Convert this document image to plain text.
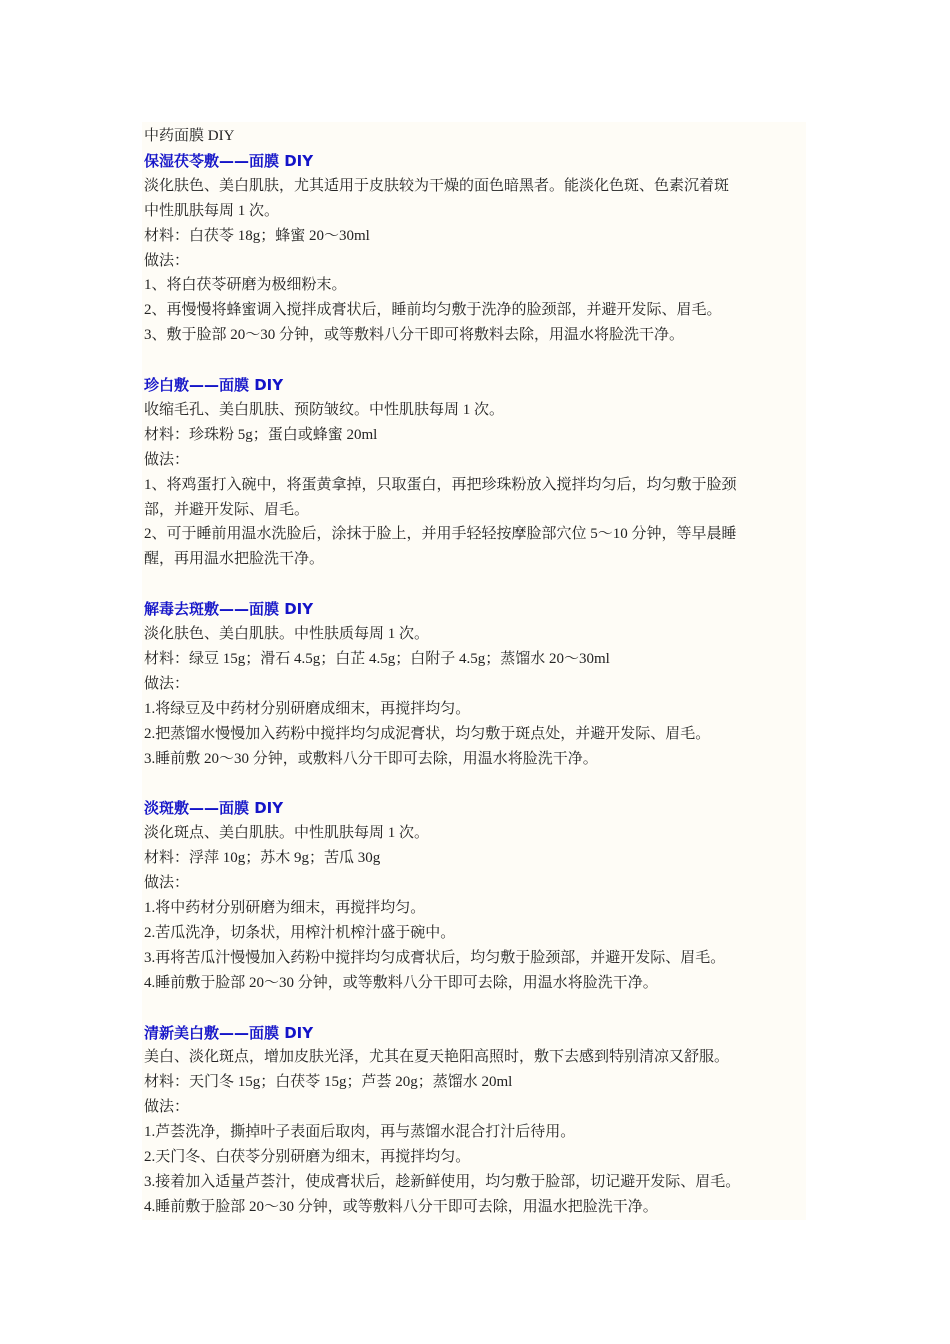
中药面膜 DIY
保湿茯苓敷——面膜 DIY
淡化肤色、美白肌肤，尤其适用于皮肤较为干燥的面色暗黑者。能淡化色斑、色素沉着斑
中性肌肤每周 1 次。
材料：白茯苓 18g；蜂蜜 20～30ml
做法：
1、将白茯苓研磨为极细粉末。
2、再慢慢将蜂蜜调入搅拌成膏状后，睡前均匀敷于洗净的脸颈部，并避开发际、眉毛。
3、敷于脸部 20～30 分钟，或等敷料八分干即可将敷料去除，用温水将脸洗干净。
珍白敷——面膜 DIY
收缩毛孔、美白肌肤、预防皱纹。中性肌肤每周 1 次。
材料：珍珠粉 5g；蛋白或蜂蜜 20ml
做法：
1、将鸡蛋打入碗中，将蛋黄拿掉，只取蛋白，再把珍珠粉放入搅拌均匀后，均匀敷于脸颈
部，并避开发际、眉毛。
2、可于睡前用温水洗脸后，涂抹于脸上，并用手轻轻按摩脸部穴位 5～10 分钟，等早晨睡
醒，再用温水把脸洗干净。
解毒去斑敷——面膜 DIY
淡化肤色、美白肌肤。中性肤质每周 1 次。
材料：绿豆 15g；滑石 4.5g；白芷 4.5g；白附子 4.5g；蒸馏水 20～30ml
做法：
1.将绿豆及中药材分别研磨成细末，再搅拌均匀。
2.把蒸馏水慢慢加入药粉中搅拌均匀成泥膏状，均匀敷于斑点处，并避开发际、眉毛。
3.睡前敷 20～30 分钟，或敷料八分干即可去除，用温水将脸洗干净。
淡斑敷——面膜 DIY
淡化斑点、美白肌肤。中性肌肤每周 1 次。
材料：浮萍 10g；苏木 9g；苦瓜 30g
做法：
1.将中药材分别研磨为细末，再搅拌均匀。
2.苦瓜洗净，切条状，用榨汁机榨汁盛于碗中。
3.再将苦瓜汁慢慢加入药粉中搅拌均匀成膏状后，均匀敷于脸颈部，并避开发际、眉毛。
4.睡前敷于脸部 20～30 分钟，或等敷料八分干即可去除，用温水将脸洗干净。
清新美白敷——面膜 DIY
美白、淡化斑点，增加皮肤光泽，尤其在夏天艳阳高照时，敷下去感到特别清凉又舒服。
材料：天门冬 15g；白茯苓 15g；芦荟 20g；蒸馏水 20ml
做法：
1.芦荟洗净，撕掉叶子表面后取肉，再与蒸馏水混合打汁后待用。
2.天门冬、白茯苓分别研磨为细末，再搅拌均匀。
3.接着加入适量芦荟汁，使成膏状后，趁新鲜使用，均匀敷于脸部，切记避开发际、眉毛。
4.睡前敷于脸部 20～30 分钟，或等敷料八分干即可去除，用温水把脸洗干净。
